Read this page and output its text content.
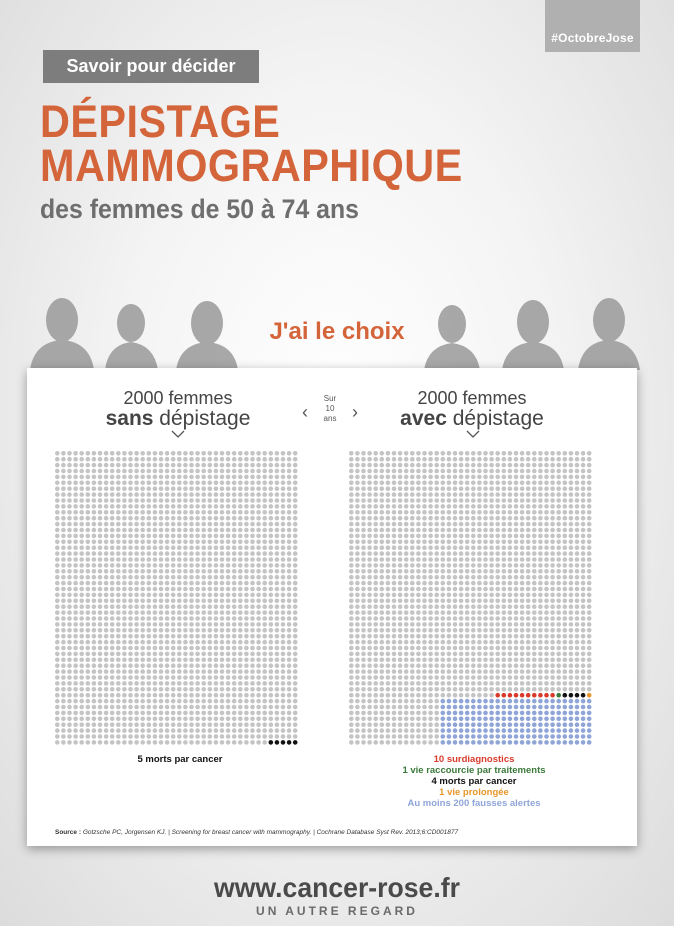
#OctobreJose
Savoir pour décider
DÉPISTAGE
MAMMOGRAPHIQUE
des femmes de 50 à 74 ans
J'ai le choix
2000 femmes
sans dépistage	‹
Sur
10
ans ›
2000 femmes
avec dépistage
5 morts par cancer	10 surdiagnostics
1 vie raccourcie par traitements
4 morts par cancer
1 vie prolongée
Au moins 200 fausses alertes
Source : Gotzsche PC, Jorgensen KJ. | Screening for breast cancer with mammography. | Cochrane Database Syst Rev. 2013;6:CD001877
www.cancer-rose.fr
UN AUTRE REGARD
